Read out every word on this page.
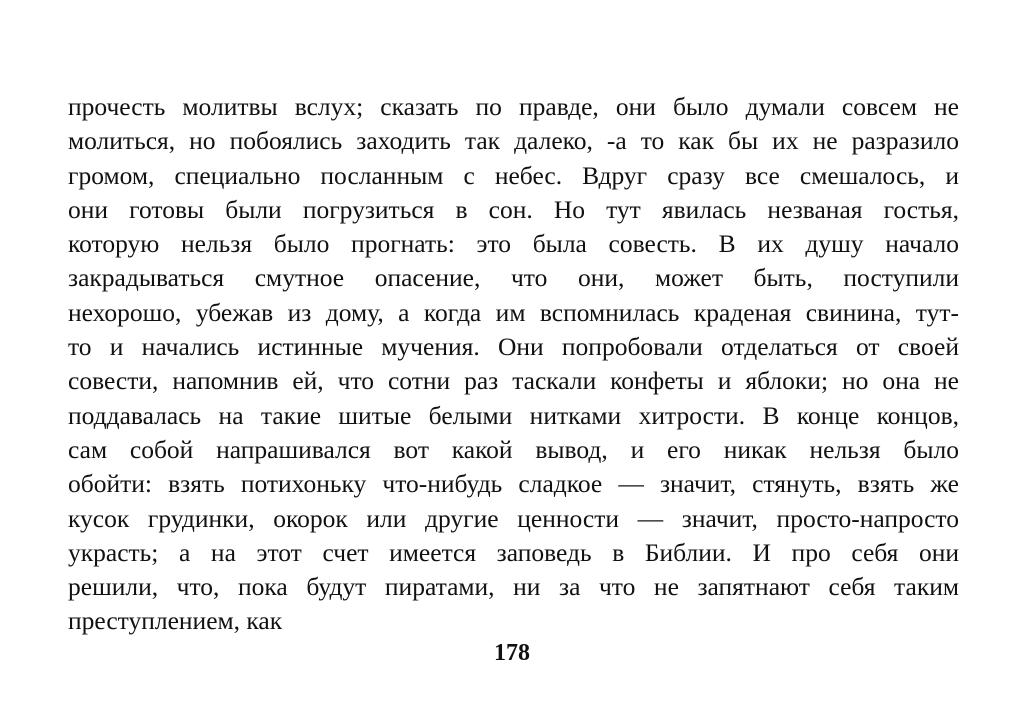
прочесть молитвы вслух; сказать по правде, они было думали совсем не
молиться, но побоялись заходить так далеко, -а то как бы их не разразило
громом, специально посланным с небес. Вдруг сразу все смешалось, и
они готовы были погрузиться в сон. Но тут явилась незваная гостья,
которую нельзя было прогнать: это была совесть. В их душу начало
закрадываться смутное опасение, что они, может быть, поступили
нехорошо, убежав из дому, а когда им вспомнилась краденая свинина, тут-
то и начались истинные мучения. Они попробовали отделаться от своей
совести, напомнив ей, что сотни раз таскали конфеты и яблоки; но она не
поддавалась на такие шитые белыми нитками хитрости. В конце концов,
сам собой напрашивался вот какой вывод, и его никак нельзя было
обойти: взять потихоньку что-нибудь сладкое — значит, стянуть, взять же
кусок грудинки, окорок или другие ценности — значит, просто-напросто
украсть; а на этот счет имеется заповедь в Библии. И про себя они
решили, что, пока будут пиратами, ни за что не запятнают себя таким
преступлением, как
178
